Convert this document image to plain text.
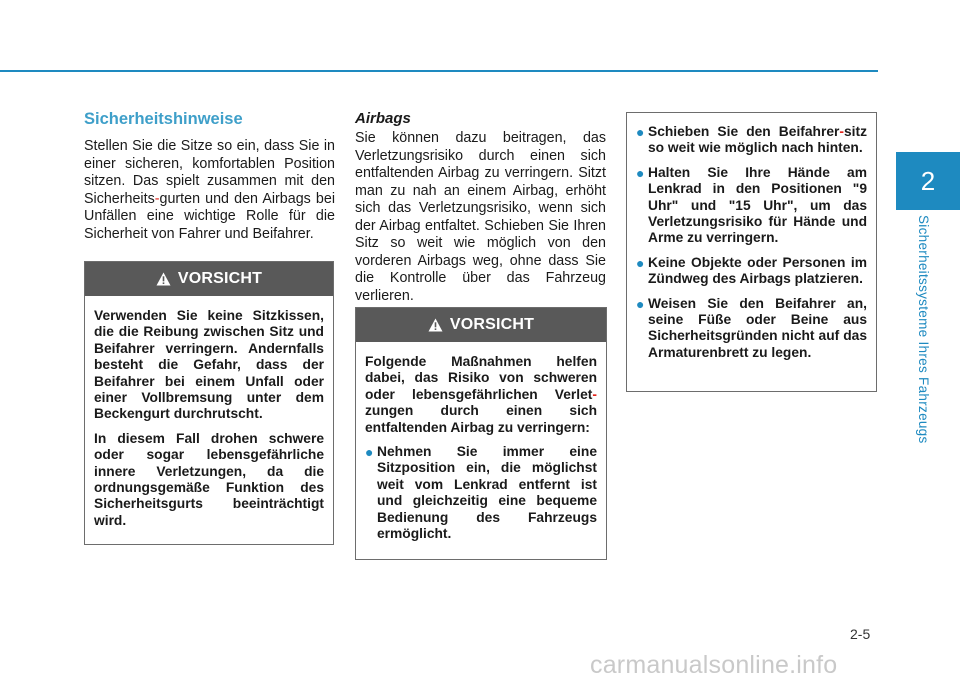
2
Sicherheitssysteme Ihres Fahrzeugs
Sicherheitshinweise

Stellen Sie die Sitze so ein, dass Sie in einer sicheren, komfortablen Position sitzen. Das spielt zusammen mit den Sicherheits-gurten und den Airbags bei Unfällen eine wichtige Rolle für die Sicherheit von Fahrer und Beifahrer.

VORSICHT

Verwenden Sie keine Sitzkissen, die die Reibung zwischen Sitz und Beifahrer verringern. Andernfalls besteht die Gefahr, dass der Beifahrer bei einem Unfall oder einer Vollbremsung unter dem Beckengurt durchrutscht.

In diesem Fall drohen schwere oder sogar lebensgefährliche innere Verletzungen, da die ordnungsgemäße Funktion des Sicherheitsgurts beeinträchtigt wird.

Airbags

Sie können dazu beitragen, das Verletzungsrisiko durch einen sich entfaltenden Airbag zu verringern. Sitzt man zu nah an einem Airbag, erhöht sich das Verletzungsrisiko, wenn sich der Airbag entfaltet. Schieben Sie Ihren Sitz so weit wie möglich von den vorderen Airbags weg, ohne dass Sie die Kontrolle über das Fahrzeug verlieren.

VORSICHT

Folgende Maßnahmen helfen dabei, das Risiko von schweren oder lebensgefährlichen Verlet-zungen durch einen sich entfaltenden Airbag zu verringern:

● Nehmen Sie immer eine Sitzposition ein, die möglichst weit vom Lenkrad entfernt ist und gleichzeitig eine bequeme Bedienung des Fahrzeugs ermöglicht.
● Schieben Sie den Beifahrer-sitz so weit wie möglich nach hinten.
● Halten Sie Ihre Hände am Lenkrad in den Positionen "9 Uhr" und "15 Uhr", um das Verletzungsrisiko für Hände und Arme zu verringern.
● Keine Objekte oder Personen im Zündweg des Airbags platzieren.
● Weisen Sie den Beifahrer an, seine Füße oder Beine aus Sicherheitsgründen nicht auf das Armaturenbrett zu legen.
2-5
carmanualsonline.info
